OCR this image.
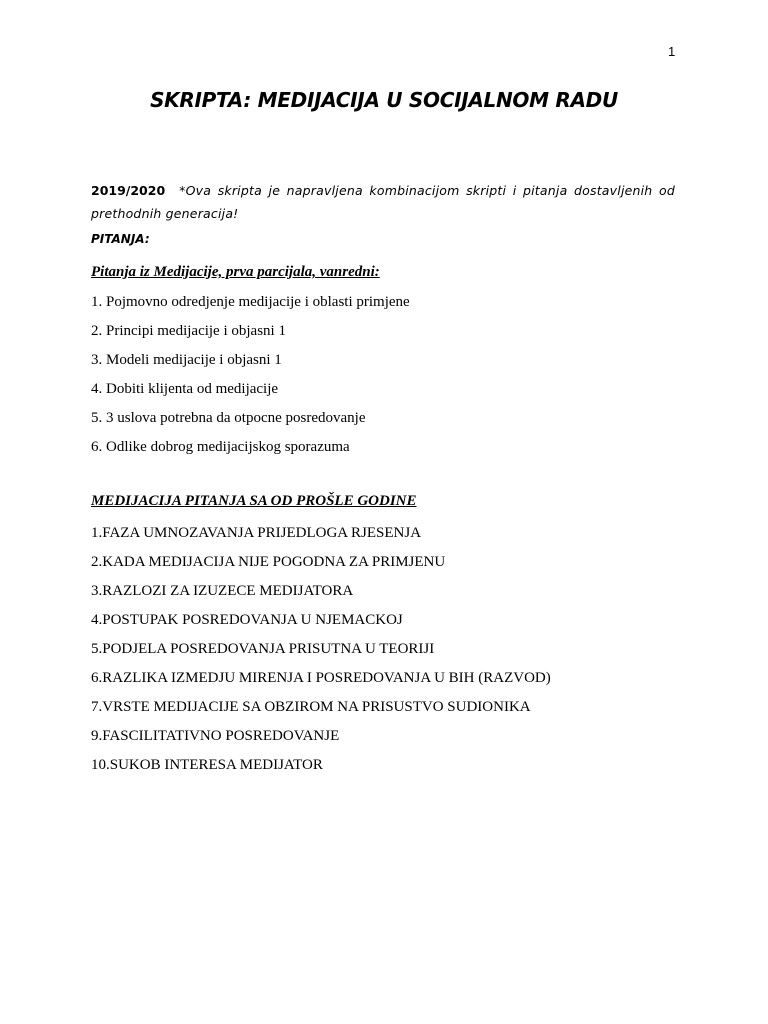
1
SKRIPTA: MEDIJACIJA U SOCIJALNOM RADU
2019/2020 *Ova skripta je napravljena kombinacijom skripti i pitanja dostavljenih od prethodnih generacija!
PITANJA:
Pitanja iz Medijacije, prva parcijala, vanredni:
1. Pojmovno odredjenje medijacije i oblasti primjene
2. Principi medijacije i objasni 1
3. Modeli medijacije i objasni 1
4. Dobiti klijenta od medijacije
5. 3 uslova potrebna da otpocne posredovanje
6. Odlike dobrog medijacijskog sporazuma
MEDIJACIJA PITANJA SA OD PROŠLE GODINE
1.FAZA UMNOZAVANJA PRIJEDLOGA RJESENJA
2.KADA MEDIJACIJA NIJE POGODNA ZA PRIMJENU
3.RAZLOZI ZA IZUZECE MEDIJATORA
4.POSTUPAK POSREDOVANJA U NJEMACKOJ
5.PODJELA POSREDOVANJA PRISUTNA U TEORIJI
6.RAZLIKA IZMEDJU MIRENJA I POSREDOVANJA U BIH (RAZVOD)
7.VRSTE MEDIJACIJE SA OBZIROM NA PRISUSTVO SUDIONIKA
9.FASCILITATIVNO POSREDOVANJE
10.SUKOB INTERESA MEDIJATOR
